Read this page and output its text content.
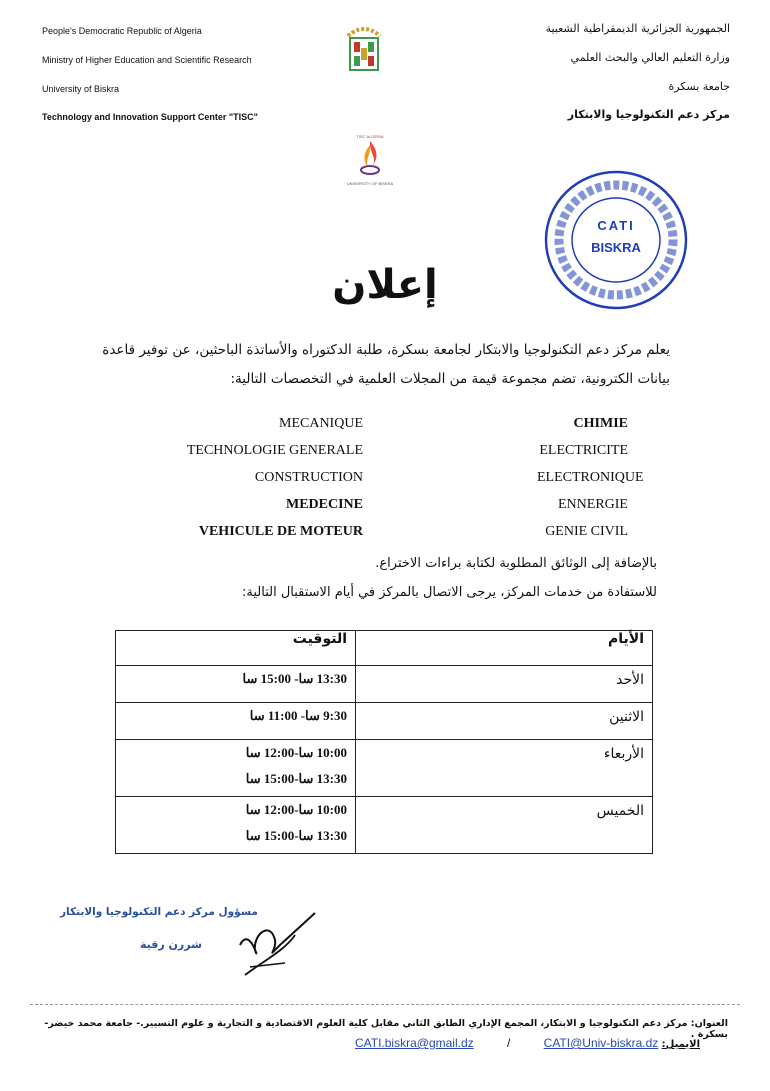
People's Democratic Republic of Algeria
Ministry of Higher Education and Scientific Research
University of Biskra
Technology and Innovation Support Center "TISC"
الجمهورية الجزائرية الديمقراطية الشعبية
وزارة التعليم العالي والبحث العلمي
جامعة بسكرة
مركز دعم التكنولوجيا والابتكار
TISC ALGERIA
UNIVERSITY OF BISKRA
CATI
BISKRA
إعلان
يعلم مركز دعم التكنولوجيا والابتكار لجامعة بسكرة، طلبة الدكتوراه والأساتذة الباحثين، عن توفير قاعدة
بيانات الكترونية، تضم مجموعة قيمة من المجلات العلمية في التخصصات التالية:
MECANIQUE
TECHNOLOGIE GENERALE
CONSTRUCTION
MEDECINE
VEHICULE DE MOTEUR
CHIMIE
ELECTRICITE
ELECTRONIQUE
ENNERGIE
GENIE CIVIL
بالإضافة إلى الوثائق المطلوبة لكتابة براءات الاختراع.
للاستفادة من خدمات المركز، يرجى الاتصال بالمركز في أيام الاستقبال التالية:
التوقيت	الأيام

13:30 سا- 15:00 سا	الأحد

9:30 سا- 11:00 سا	الاثنين

10:00 سا-12:00 سا
13:30 سا-15:00 سا	الأربعاء

10:00 سا-12:00 سا
13:30 سا-15:00 سا	الخميس
مسؤول مركز دعم التكنولوجيا والابتكار
شررن رقية
العنوان: مركز دعم التكنولوجيا و الابتكار، المجمع الإداري الطابق الثاني مقابل كلية العلوم الاقتصادية و التجارية و علوم التسيير.- جامعة محمد خيضر- بسكرة .
الايميل: CATI.biskra@gmail.dz	/	CATI@Univ-biskra.dz
